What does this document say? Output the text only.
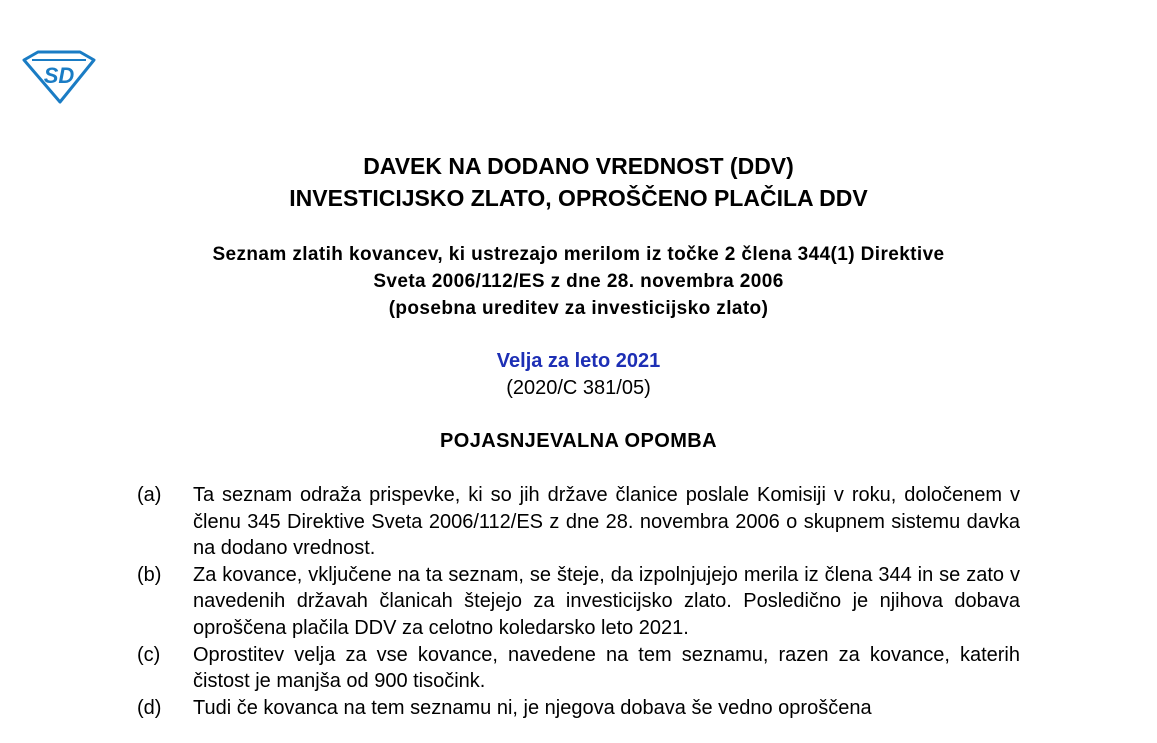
SD
DAVEK NA DODANO VREDNOST (DDV)
INVESTICIJSKO ZLATO, OPROŠČENO PLAČILA DDV
Seznam zlatih kovancev, ki ustrezajo merilom iz točke 2 člena 344(1) Direktive
Sveta 2006/112/ES z dne 28. novembra 2006
(posebna ureditev za investicijsko zlato)
Velja za leto 2021
(2020/C 381/05)
POJASNJEVALNA OPOMBA
(a) Ta seznam odraža prispevke, ki so jih države članice poslale Komisiji v roku, določenem v členu 345 Direktive Sveta 2006/112/ES z dne 28. novembra 2006 o skupnem sistemu davka na dodano vrednost.
(b) Za kovance, vključene na ta seznam, se šteje, da izpolnjujejo merila iz člena 344 in se zato v navedenih državah članicah štejejo za investicijsko zlato. Posledično je njihova dobava oproščena plačila DDV za celotno koledarsko leto 2021.
(c) Oprostitev velja za vse kovance, navedene na tem seznamu, razen za kovance, katerih čistost je manjša od 900 tisočink.
(d) Tudi če kovanca na tem seznamu ni, je njegova dobava še vedno oproščena
